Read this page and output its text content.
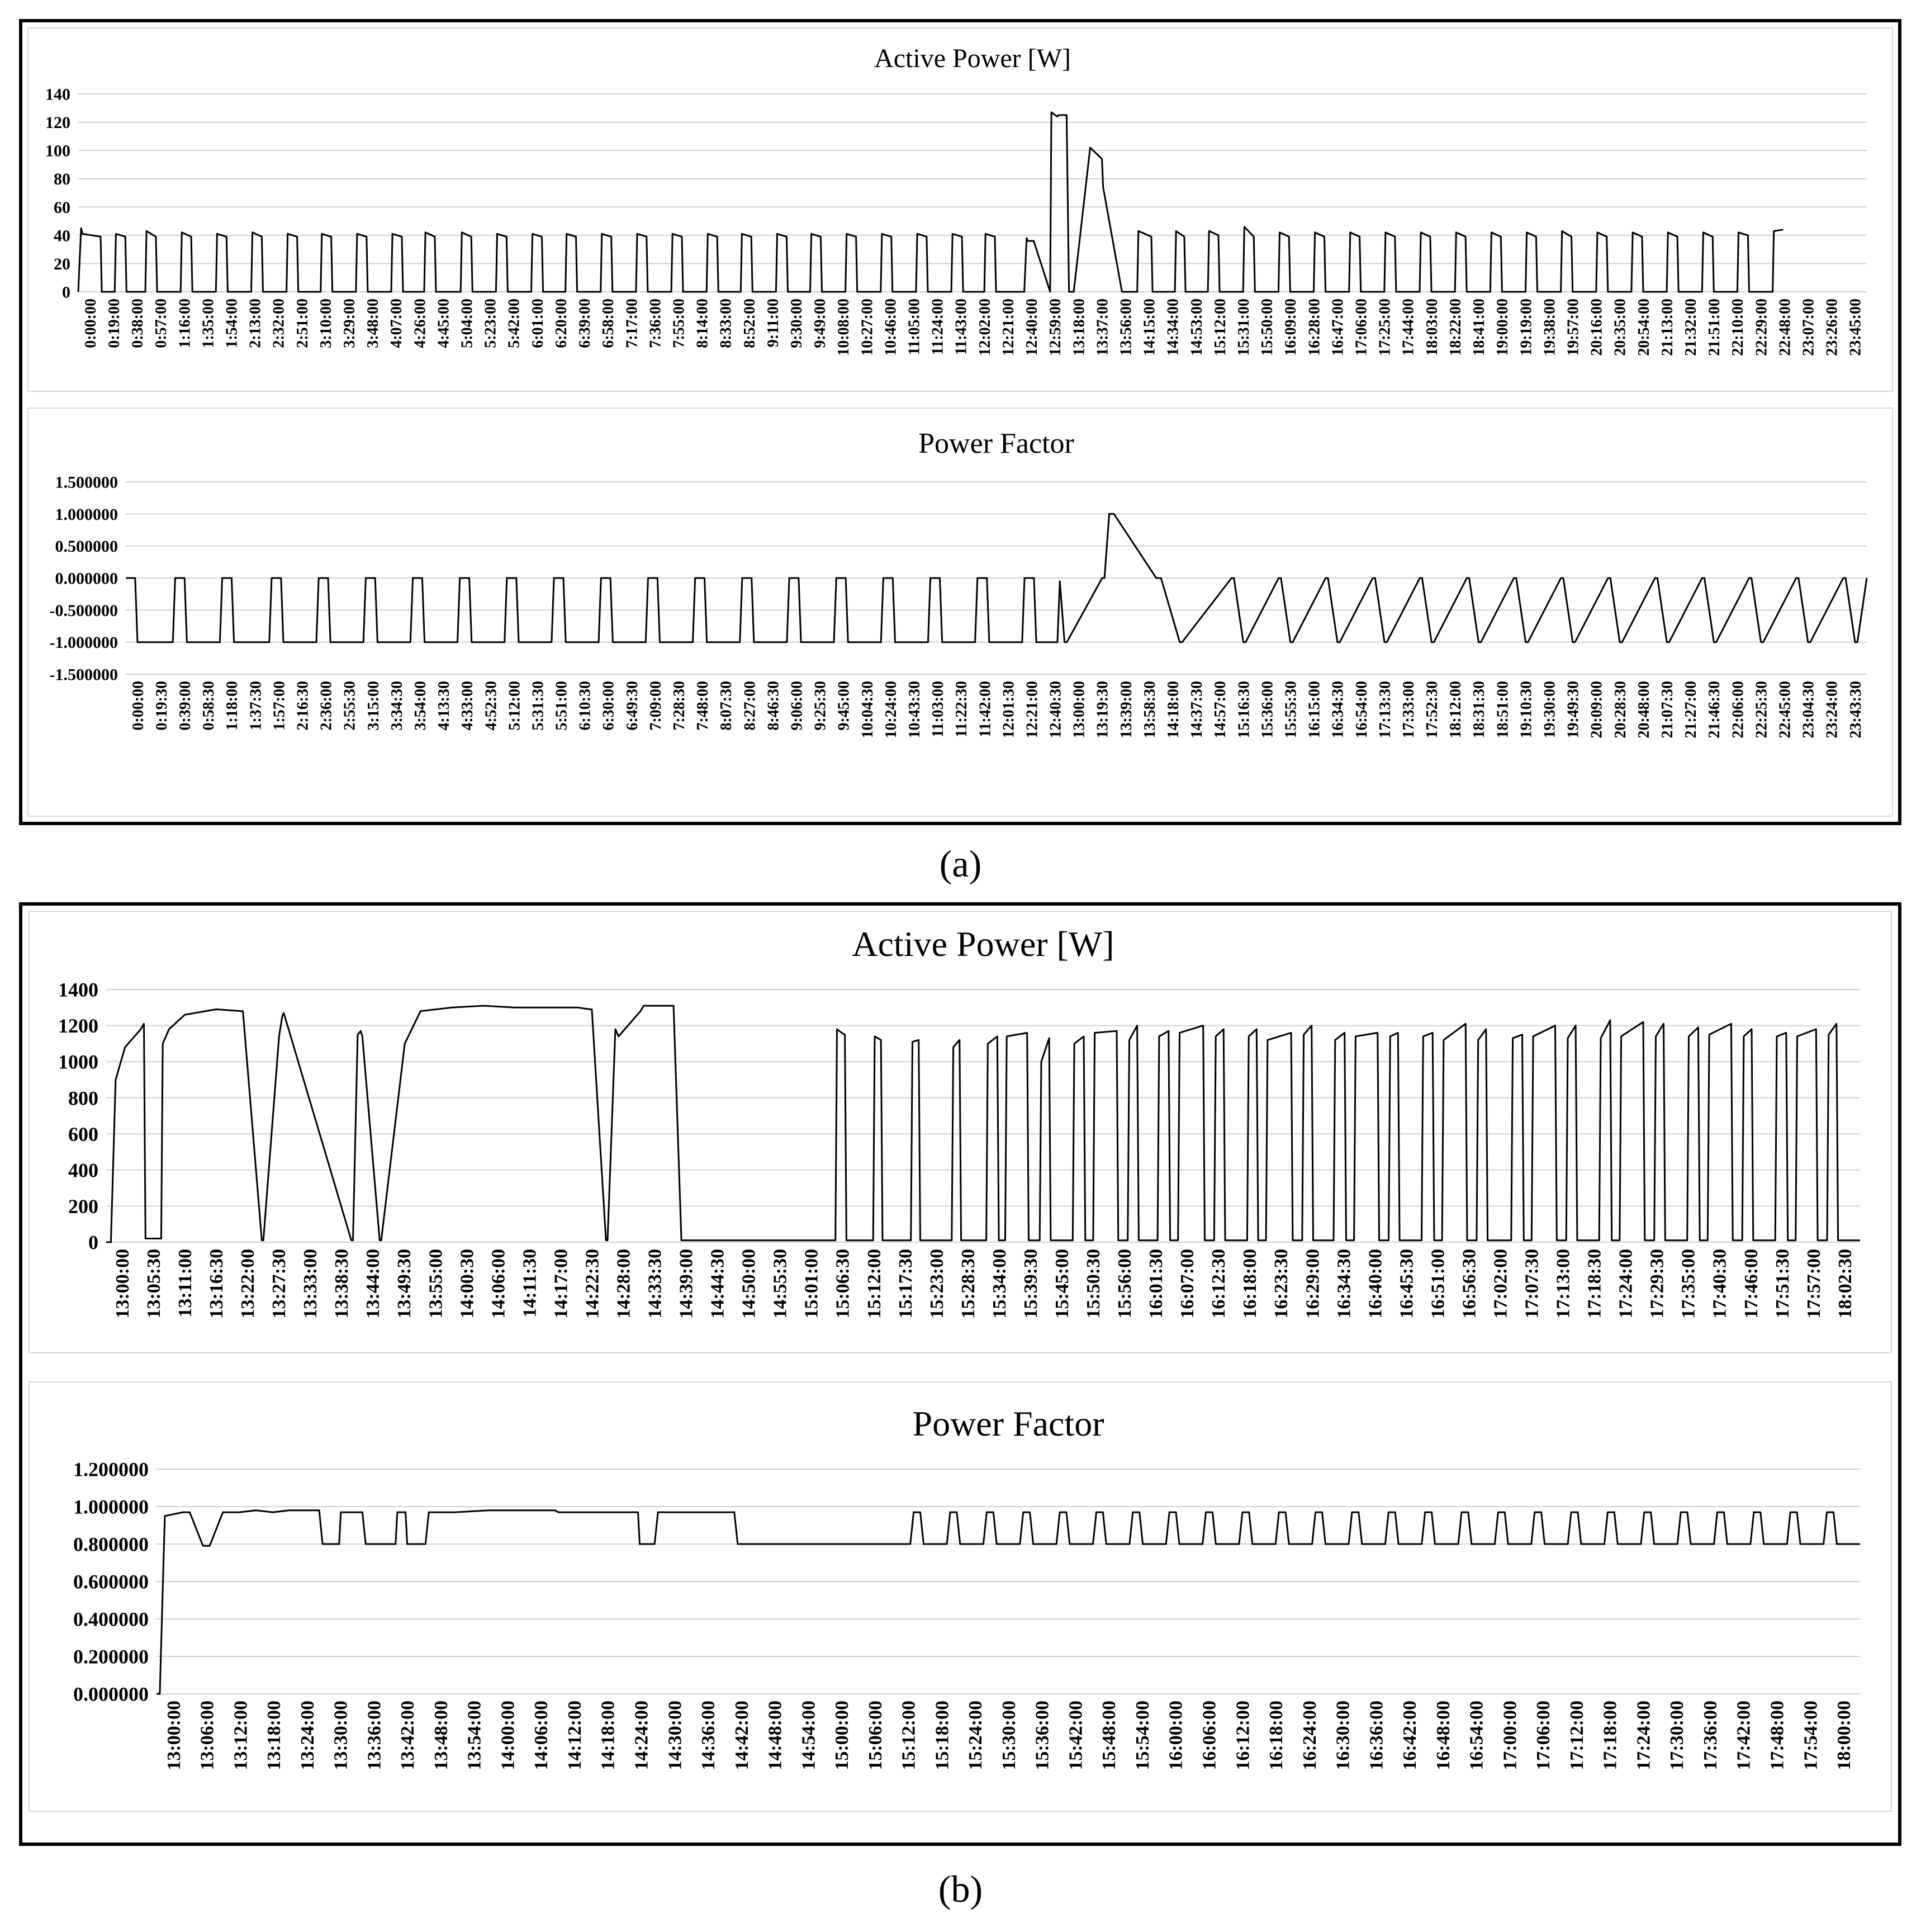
Active Power [W]
0
20
40
60
80
100
120
140
0:00:00 0:19:00 0:38:00 0:57:00 1:16:00 1:35:00 1:54:00 2:13:00 2:32:00 2:51:00 3:10:00 3:29:00 3:48:00 4:07:00 4:26:00 4:45:00 5:04:00 5:23:00 5:42:00 6:01:00 6:20:00 6:39:00 6:58:00 7:17:00 7:36:00 7:55:00 8:14:00 8:33:00 8:52:00 9:11:00 9:30:00 9:49:00 10:08:00 10:27:00 10:46:00 11:05:00 11:24:00 11:43:00 12:02:00 12:21:00 12:40:00 12:59:00 13:18:00 13:37:00 13:56:00 14:15:00 14:34:00 14:53:00 15:12:00 15:31:00 15:50:00 16:09:00 16:28:00 16:47:00 17:06:00 17:25:00 17:44:00 18:03:00 18:22:00 18:41:00 19:00:00 19:19:00 19:38:00 19:57:00 20:16:00 20:35:00 20:54:00 21:13:00 21:32:00 21:51:00 22:10:00 22:29:00 22:48:00 23:07:00 23:26:00 23:45:00
Power Factor
-1.500000
-1.000000
-0.500000
0.000000
0.500000
1.000000
1.500000
0:00:00 0:19:30 0:39:00 0:58:30 1:18:00 1:37:30 1:57:00 2:16:30 2:36:00 2:55:30 3:15:00 3:34:30 3:54:00 4:13:30 4:33:00 4:52:30 5:12:00 5:31:30 5:51:00 6:10:30 6:30:00 6:49:30 7:09:00 7:28:30 7:48:00 8:07:30 8:27:00 8:46:30 9:06:00 9:25:30 9:45:00 10:04:30 10:24:00 10:43:30 11:03:00 11:22:30 11:42:00 12:01:30 12:21:00 12:40:30 13:00:00 13:19:30 13:39:00 13:58:30 14:18:00 14:37:30 14:57:00 15:16:30 15:36:00 15:55:30 16:15:00 16:34:30 16:54:00 17:13:30 17:33:00 17:52:30 18:12:00 18:31:30 18:51:00 19:10:30 19:30:00 19:49:30 20:09:00 20:28:30 20:48:00 21:07:30 21:27:00 21:46:30 22:06:00 22:25:30 22:45:00 23:04:30 23:24:00 23:43:30
Active Power [W]
0
200
400
600
800
1000
1200
1400
13:00:00 13:05:30 13:11:00 13:16:30 13:22:00 13:27:30 13:33:00 13:38:30 13:44:00 13:49:30 13:55:00 14:00:30 14:06:00 14:11:30 14:17:00 14:22:30 14:28:00 14:33:30 14:39:00 14:44:30 14:50:00 14:55:30 15:01:00 15:06:30 15:12:00 15:17:30 15:23:00 15:28:30 15:34:00 15:39:30 15:45:00 15:50:30 15:56:00 16:01:30 16:07:00 16:12:30 16:18:00 16:23:30 16:29:00 16:34:30 16:40:00 16:45:30 16:51:00 16:56:30 17:02:00 17:07:30 17:13:00 17:18:30 17:24:00 17:29:30 17:35:00 17:40:30 17:46:00 17:51:30 17:57:00 18:02:30
Power Factor
0.000000
0.200000
0.400000
0.600000
0.800000
1.000000
1.200000
13:00:00 13:06:00 13:12:00 13:18:00 13:24:00 13:30:00 13:36:00 13:42:00 13:48:00 13:54:00 14:00:00 14:06:00 14:12:00 14:18:00 14:24:00 14:30:00 14:36:00 14:42:00 14:48:00 14:54:00 15:00:00 15:06:00 15:12:00 15:18:00 15:24:00 15:30:00 15:36:00 15:42:00 15:48:00 15:54:00 16:00:00 16:06:00 16:12:00 16:18:00 16:24:00 16:30:00 16:36:00 16:42:00 16:48:00 16:54:00 17:00:00 17:06:00 17:12:00 17:18:00 17:24:00 17:30:00 17:36:00 17:42:00 17:48:00 17:54:00 18:00:00
(a)
(b)
